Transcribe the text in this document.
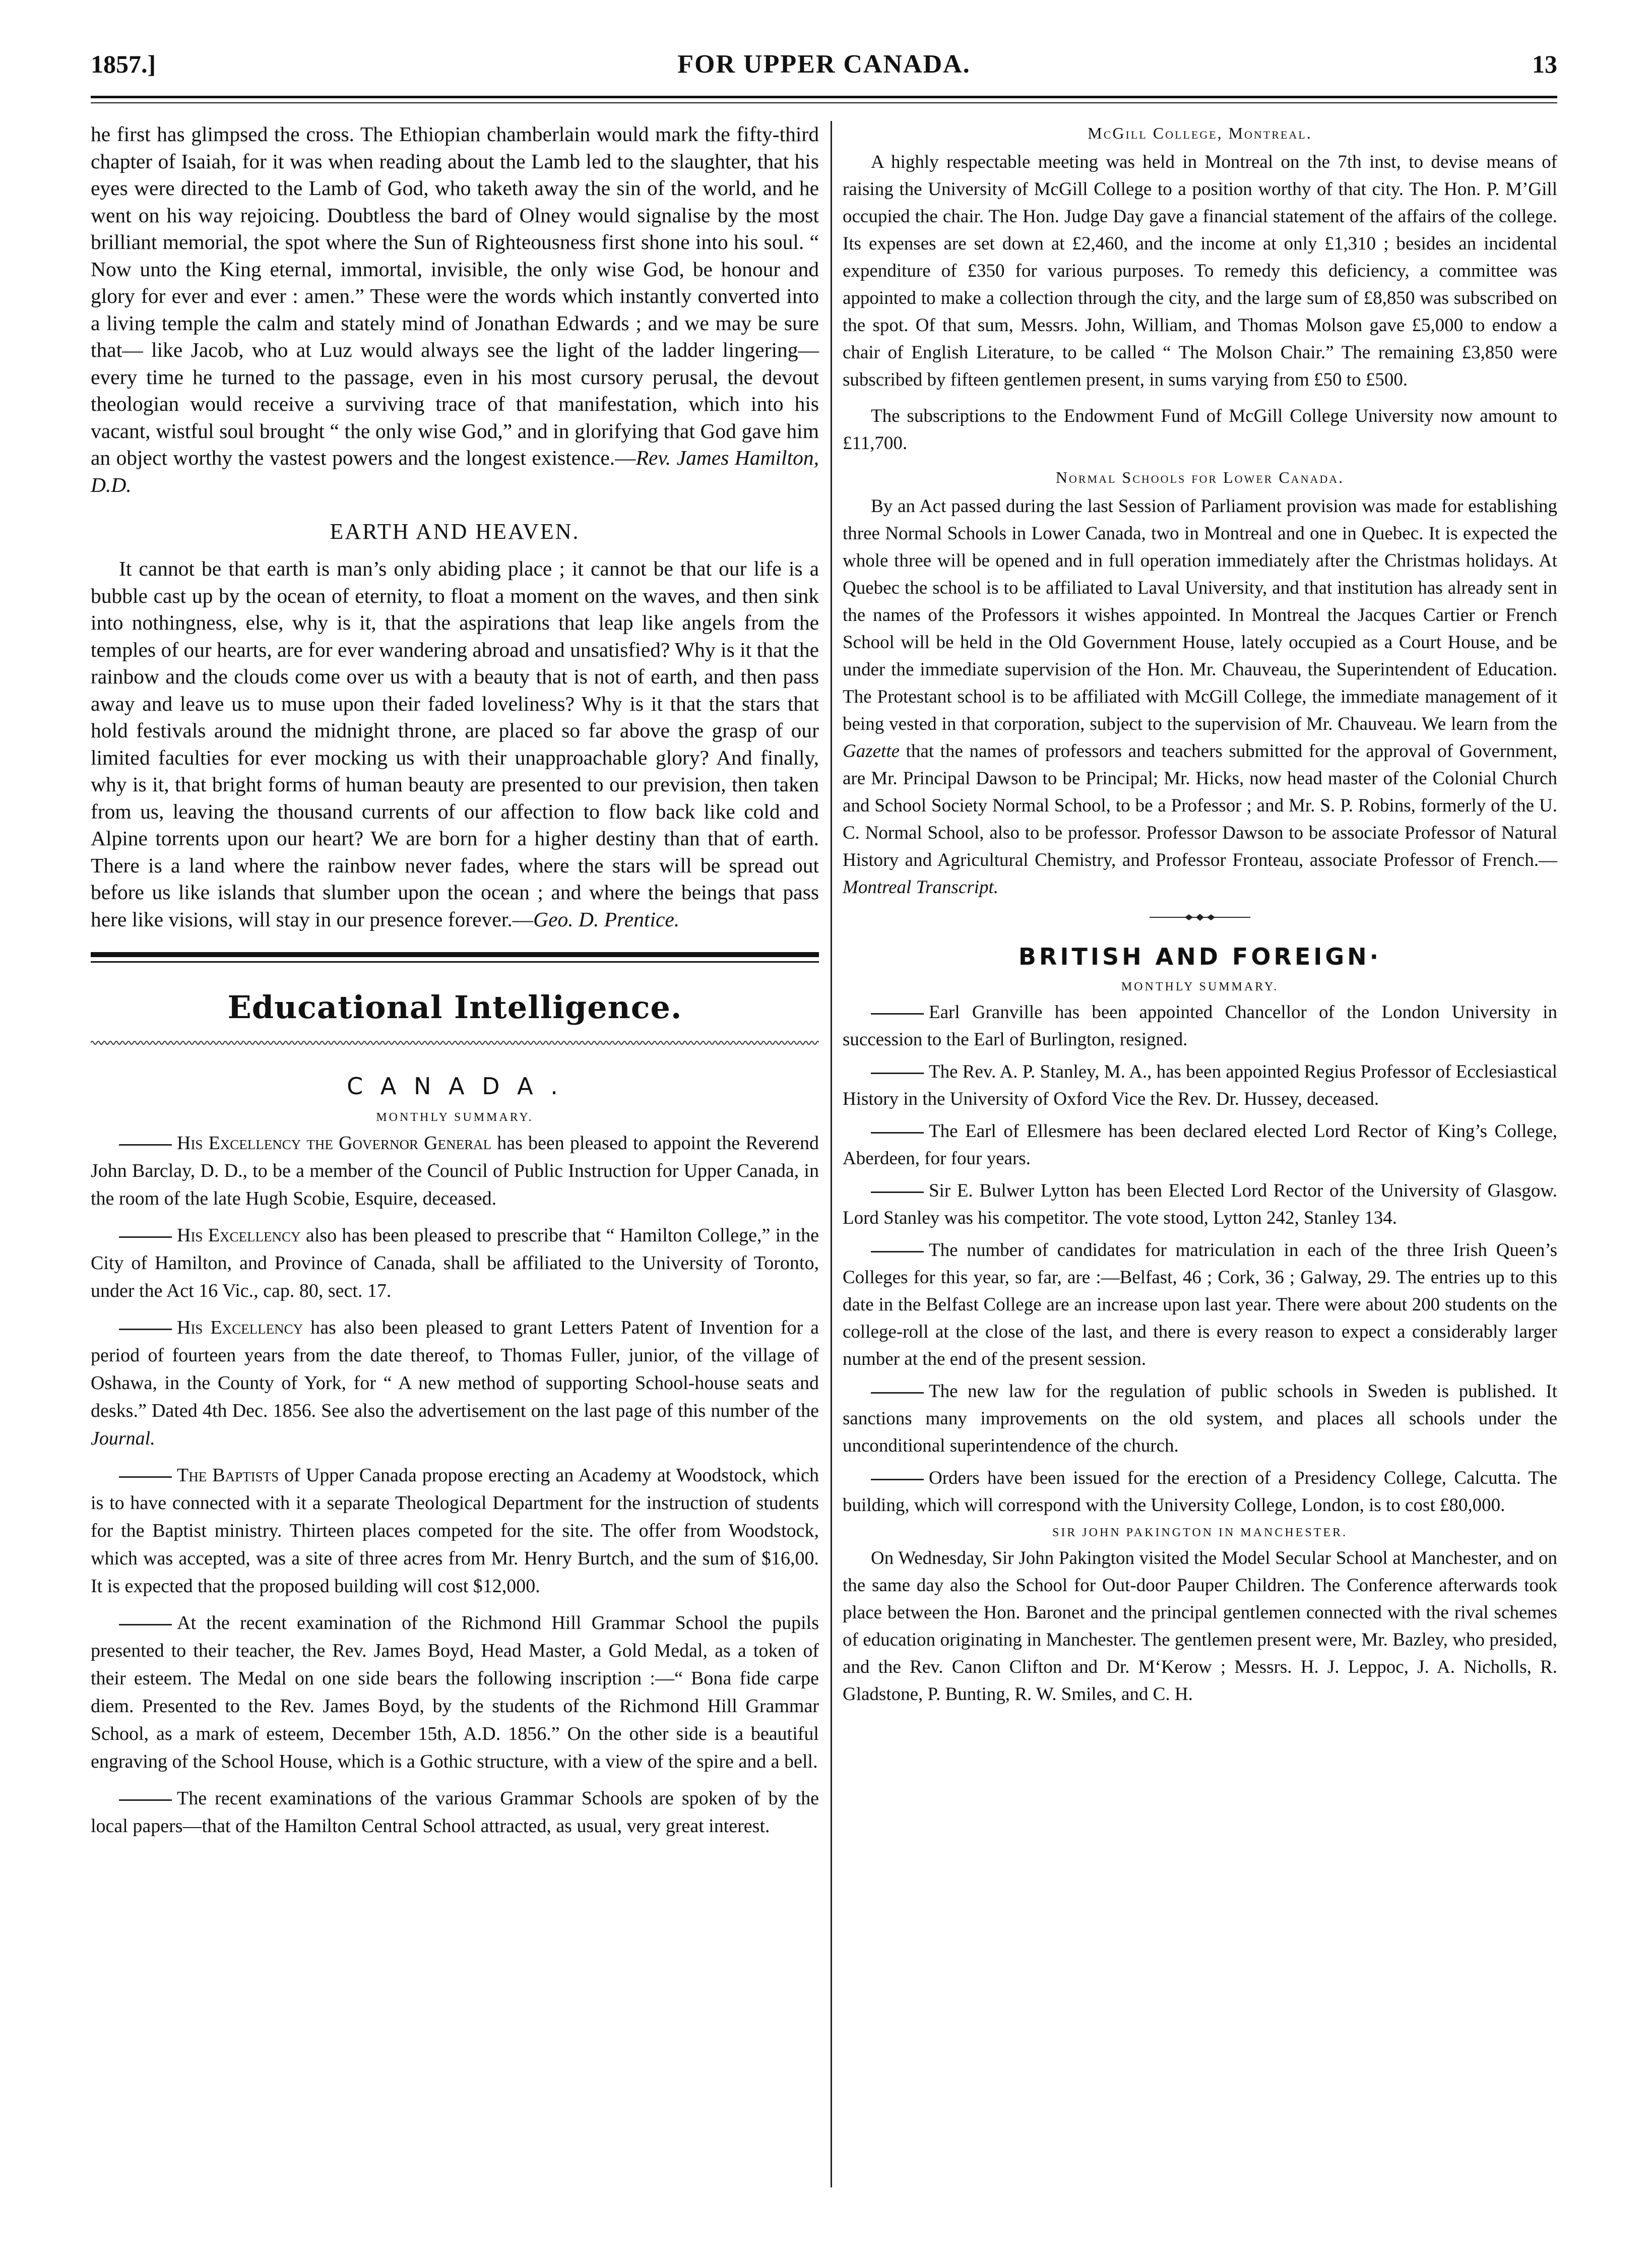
1857.]	FOR UPPER CANADA.	13

he first has glimpsed the cross. The Ethiopian chamberlain would mark the fifty-third chapter of Isaiah, for it was when reading about the Lamb led to the slaughter, that his eyes were directed to the Lamb of God, who taketh away the sin of the world, and he went on his way rejoicing. Doubtless the bard of Olney would signalise by the most brilliant memorial, the spot where the Sun of Righteousness first shone into his soul. “ Now unto the King eternal, immortal, invisible, the only wise God, be honour and glory for ever and ever : amen.” These were the words which instantly converted into a living temple the calm and stately mind of Jonathan Edwards ; and we may be sure that— like Jacob, who at Luz would always see the light of the ladder lingering—every time he turned to the passage, even in his most cursory perusal, the devout theologian would receive a surviving trace of that manifestation, which into his vacant, wistful soul brought “ the only wise God,” and in glorifying that God gave him an object worthy the vastest powers and the longest existence.—Rev. James Hamilton, D.D.

EARTH AND HEAVEN.

It cannot be that earth is man’s only abiding place ; it cannot be that our life is a bubble cast up by the ocean of eternity, to float a moment on the waves, and then sink into nothingness, else, why is it, that the aspirations that leap like angels from the temples of our hearts, are for ever wandering abroad and unsatisfied? Why is it that the rainbow and the clouds come over us with a beauty that is not of earth, and then pass away and leave us to muse upon their faded loveliness? Why is it that the stars that hold festivals around the midnight throne, are placed so far above the grasp of our limited faculties for ever mocking us with their unapproachable glory? And finally, why is it, that bright forms of human beauty are presented to our prevision, then taken from us, leaving the thousand currents of our affection to flow back like cold and Alpine torrents upon our heart? We are born for a higher destiny than that of earth. There is a land where the rainbow never fades, where the stars will be spread out before us like islands that slumber upon the ocean ; and where the beings that pass here like visions, will stay in our presence forever.—Geo. D. Prentice.

Educational Intelligence.
C A N A D A .
MONTHLY SUMMARY.

His Excellency the Governor General has been pleased to appoint the Reverend John Barclay, D. D., to be a member of the Council of Public Instruction for Upper Canada, in the room of the late Hugh Scobie, Esquire, deceased.

His Excellency also has been pleased to prescribe that “ Hamilton College,” in the City of Hamilton, and Province of Canada, shall be affiliated to the University of Toronto, under the Act 16 Vic., cap. 80, sect. 17.

His Excellency has also been pleased to grant Letters Patent of Invention for a period of fourteen years from the date thereof, to Thomas Fuller, junior, of the village of Oshawa, in the County of York, for “ A new method of supporting School-house seats and desks.” Dated 4th Dec. 1856. See also the advertisement on the last page of this number of the Journal.

The Baptists of Upper Canada propose erecting an Academy at Woodstock, which is to have connected with it a separate Theological Department for the instruction of students for the Baptist ministry. Thirteen places competed for the site. The offer from Woodstock, which was accepted, was a site of three acres from Mr. Henry Burtch, and the sum of $16,00. It is expected that the proposed building will cost $12,000.

At the recent examination of the Richmond Hill Grammar School the pupils presented to their teacher, the Rev. James Boyd, Head Master, a Gold Medal, as a token of their esteem. The Medal on one side bears the following inscription :—“ Bona fide carpe diem. Presented to the Rev. James Boyd, by the students of the Richmond Hill Grammar School, as a mark of esteem, December 15th, A.D. 1856.” On the other side is a beautiful engraving of the School House, which is a Gothic structure, with a view of the spire and a bell.

The recent examinations of the various Grammar Schools are spoken of by the local papers—that of the Hamilton Central School attracted, as usual, very great interest.

McGill College, Montreal.

A highly respectable meeting was held in Montreal on the 7th inst, to devise means of raising the University of McGill College to a position worthy of that city. The Hon. P. M’Gill occupied the chair. The Hon. Judge Day gave a financial statement of the affairs of the college. Its expenses are set down at £2,460, and the income at only £1,310 ; besides an incidental expenditure of £350 for various purposes. To remedy this deficiency, a committee was appointed to make a collection through the city, and the large sum of £8,850 was subscribed on the spot. Of that sum, Messrs. John, William, and Thomas Molson gave £5,000 to endow a chair of English Literature, to be called “ The Molson Chair.” The remaining £3,850 were subscribed by fifteen gentlemen present, in sums varying from £50 to £500.

The subscriptions to the Endowment Fund of McGill College University now amount to £11,700.

Normal Schools for Lower Canada.

By an Act passed during the last Session of Parliament provision was made for establishing three Normal Schools in Lower Canada, two in Montreal and one in Quebec. It is expected the whole three will be opened and in full operation immediately after the Christmas holidays. At Quebec the school is to be affiliated to Laval University, and that institution has already sent in the names of the Professors it wishes appointed. In Montreal the Jacques Cartier or French School will be held in the Old Government House, lately occupied as a Court House, and be under the immediate supervision of the Hon. Mr. Chauveau, the Superintendent of Education. The Protestant school is to be affiliated with McGill College, the immediate management of it being vested in that corporation, subject to the supervision of Mr. Chauveau. We learn from the Gazette that the names of professors and teachers submitted for the approval of Government, are Mr. Principal Dawson to be Principal; Mr. Hicks, now head master of the Colonial Church and School Society Normal School, to be a Professor ; and Mr. S. P. Robins, formerly of the U. C. Normal School, also to be professor. Professor Dawson to be associate Professor of Natural History and Agricultural Chemistry, and Professor Fronteau, associate Professor of French.—Montreal Transcript.

BRITISH AND FOREIGN·
MONTHLY SUMMARY.

Earl Granville has been appointed Chancellor of the London University in succession to the Earl of Burlington, resigned.

The Rev. A. P. Stanley, M. A., has been appointed Regius Professor of Ecclesiastical History in the University of Oxford Vice the Rev. Dr. Hussey, deceased.

The Earl of Ellesmere has been declared elected Lord Rector of King’s College, Aberdeen, for four years.

Sir E. Bulwer Lytton has been Elected Lord Rector of the University of Glasgow. Lord Stanley was his competitor. The vote stood, Lytton 242, Stanley 134.

The number of candidates for matriculation in each of the three Irish Queen’s Colleges for this year, so far, are :—Belfast, 46 ; Cork, 36 ; Galway, 29. The entries up to this date in the Belfast College are an increase upon last year. There were about 200 students on the college-roll at the close of the last, and there is every reason to expect a considerably larger number at the end of the present session.

The new law for the regulation of public schools in Sweden is published. It sanctions many improvements on the old system, and places all schools under the unconditional superintendence of the church.

Orders have been issued for the erection of a Presidency College, Calcutta. The building, which will correspond with the University College, London, is to cost £80,000.

SIR JOHN PAKINGTON IN MANCHESTER.

On Wednesday, Sir John Pakington visited the Model Secular School at Manchester, and on the same day also the School for Out-door Pauper Children. The Conference afterwards took place between the Hon. Baronet and the principal gentlemen connected with the rival schemes of education originating in Manchester. The gentlemen present were, Mr. Bazley, who presided, and the Rev. Canon Clifton and Dr. M‘Kerow ; Messrs. H. J. Leppoc, J. A. Nicholls, R. Gladstone, P. Bunting, R. W. Smiles, and C. H.
